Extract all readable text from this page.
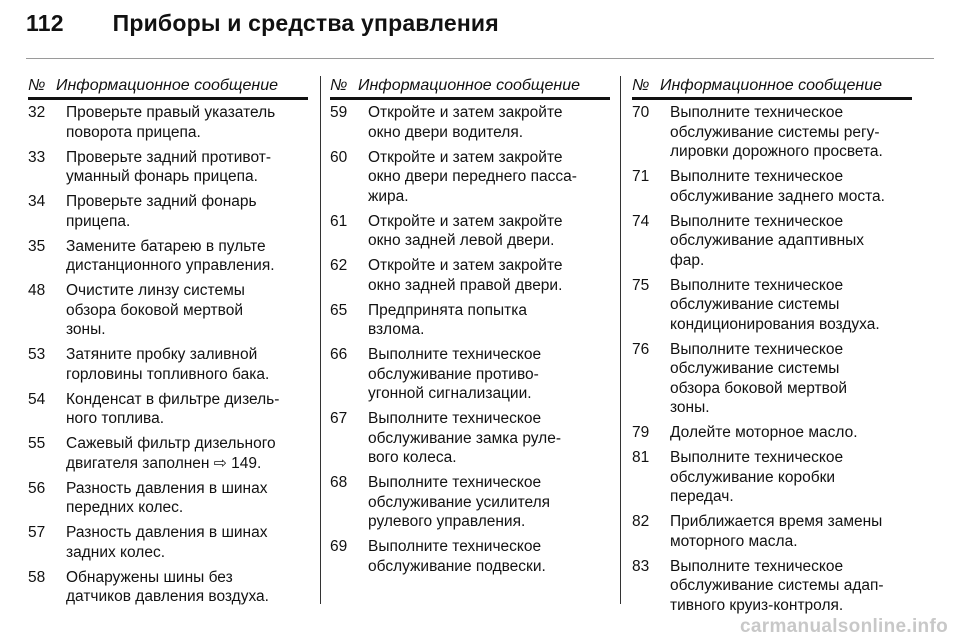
112 Приборы и средства управления
№ Информационное сообщение
32	Проверьте правый указатель
поворота прицепа.
33	Проверьте задний противот-
уманный фонарь прицепа.
34	Проверьте задний фонарь
прицепа.
35	Замените батарею в пульте
дистанционного управления.
48	Очистите линзу системы
обзора боковой мертвой
зоны.
53	Затяните пробку заливной
горловины топливного бака.
54	Конденсат в фильтре дизель-
ного топлива.
55	Сажевый фильтр дизельного
двигателя заполнен ⇨ 149.
56	Разность давления в шинах
передних колес.
57	Разность давления в шинах
задних колес.
58	Обнаружены шины без
датчиков давления воздуха.
№ Информационное сообщение
59	Откройте и затем закройте
окно двери водителя.
60	Откройте и затем закройте
окно двери переднего пасса-
жира.
61	Откройте и затем закройте
окно задней левой двери.
62	Откройте и затем закройте
окно задней правой двери.
65	Предпринята попытка
взлома.
66	Выполните техническое
обслуживание противо-
угонной сигнализации.
67	Выполните техническое
обслуживание замка руле-
вого колеса.
68	Выполните техническое
обслуживание усилителя
рулевого управления.
69	Выполните техническое
обслуживание подвески.
№ Информационное сообщение
70	Выполните техническое
обслуживание системы регу-
лировки дорожного просвета.
71	Выполните техническое
обслуживание заднего моста.
74	Выполните техническое
обслуживание адаптивных
фар.
75	Выполните техническое
обслуживание системы
кондиционирования воздуха.
76	Выполните техническое
обслуживание системы
обзора боковой мертвой
зоны.
79	Долейте моторное масло.
81	Выполните техническое
обслуживание коробки
передач.
82	Приближается время замены
моторного масла.
83	Выполните техническое
обслуживание системы адап-
тивного круиз-контроля.
carmanualsonline.info
